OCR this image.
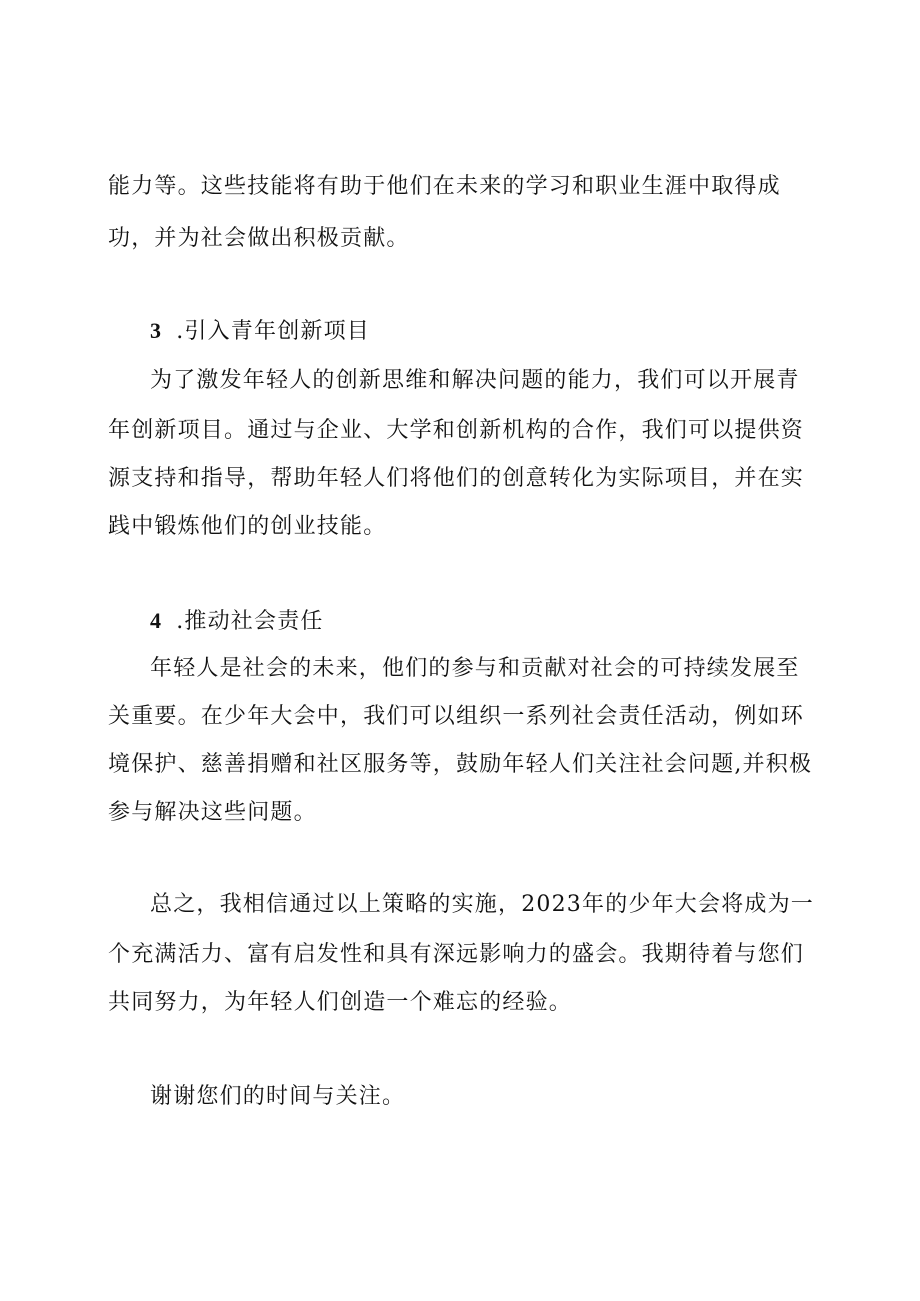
能力等。这些技能将有助于他们在未来的学习和职业生涯中取得成

功，并为社会做出积极贡献。

3 .引入青年创新项目

为了激发年轻人的创新思维和解决问题的能力，我们可以开展青

年创新项目。通过与企业、大学和创新机构的合作，我们可以提供资

源支持和指导，帮助年轻人们将他们的创意转化为实际项目，并在实

践中锻炼他们的创业技能。

4 .推动社会责任

年轻人是社会的未来，他们的参与和贡献对社会的可持续发展至

关重要。在少年大会中，我们可以组织一系列社会责任活动，例如环

境保护、慈善捐赠和社区服务等，鼓励年轻人们关注社会问题,并积极

参与解决这些问题。

总之，我相信通过以上策略的实施，2023年的少年大会将成为一

个充满活力、富有启发性和具有深远影响力的盛会。我期待着与您们

共同努力，为年轻人们创造一个难忘的经验。

谢谢您们的时间与关注。
